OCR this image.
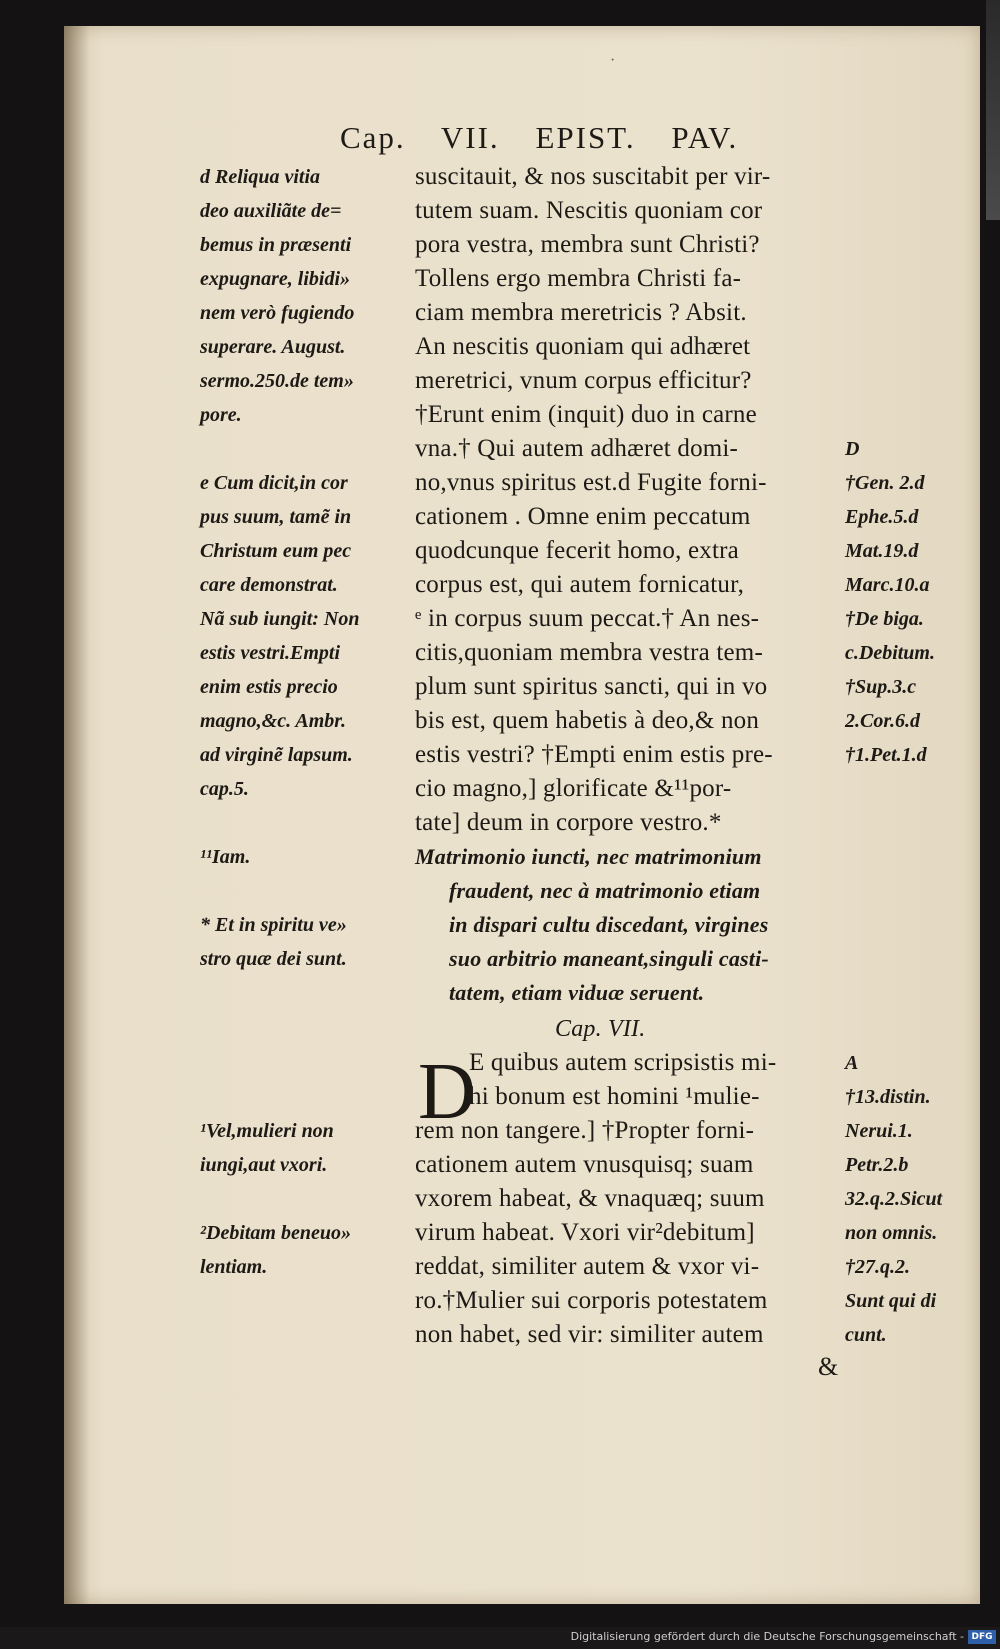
·
Cap. VII. EPIST. PAV.
d Reliqua vitia
deo auxiliãte de=
bemus in præsenti
expugnare, libidi»
nem verò fugiendo
superare. August.
sermo.250.de tem»
pore.
e Cum dicit,in cor
pus suum, tamẽ in
Christum eum pec
care demonstrat.
Nã sub iungit: Non
estis vestri.Empti
enim estis precio
magno,&c. Ambr.
ad virginẽ lapsum.
cap.5.
¹¹Iam.
* Et in spiritu ve»
stro quæ dei sunt.
¹Vel,mulieri non
iungi,aut vxori.
²Debitam beneuo»
lentiam.
suscitauit, & nos suscitabit per vir-
tutem suam. Nescitis quoniam cor
pora vestra, membra sunt Christi?
Tollens ergo membra Christi fa-
ciam membra meretricis ? Absit.
An nescitis quoniam qui adhæret
meretrici, vnum corpus efficitur?
†Erunt enim (inquit) duo in carne
vna.† Qui autem adhæret domi-
no,vnus spiritus est.d Fugite forni-
cationem . Omne enim peccatum
quodcunque fecerit homo, extra
corpus est, qui autem fornicatur,
ᵉ in corpus suum peccat.† An nes-
citis,quoniam membra vestra tem-
plum sunt spiritus sancti, qui in vo
bis est, quem habetis à deo,& non
estis vestri? †Empti enim estis pre-
cio magno,] glorificate &¹¹por-
tate] deum in corpore vestro.*
Matrimonio iuncti, nec matrimonium
fraudent, nec à matrimonio etiam
in dispari cultu discedant, virgines
suo arbitrio maneant,singuli casti-
tatem, etiam viduæ seruent.
Cap. VII.
E quibus autem scripsistis mi-
hi bonum est homini ¹mulie-
rem non tangere.] †Propter forni-
cationem autem vnusquisq; suam
vxorem habeat, & vnaquæq; suum
virum habeat. Vxori vir²debitum]
reddat, similiter autem & vxor vi-
ro.†Mulier sui corporis potestatem
non habet, sed vir: similiter autem
D
†Gen. 2.d
Ephe.5.d
Mat.19.d
Marc.10.a
†De biga.
c.Debitum.
†Sup.3.c
2.Cor.6.d
†1.Pet.1.d
A
†13.distin.
Nerui.1.
Petr.2.b
32.q.2.Sicut
non omnis.
†27.q.2.
Sunt qui di
cunt.
D
&
Digitalisierung gefördert durch die Deutsche Forschungsgemeinschaft - DFG
